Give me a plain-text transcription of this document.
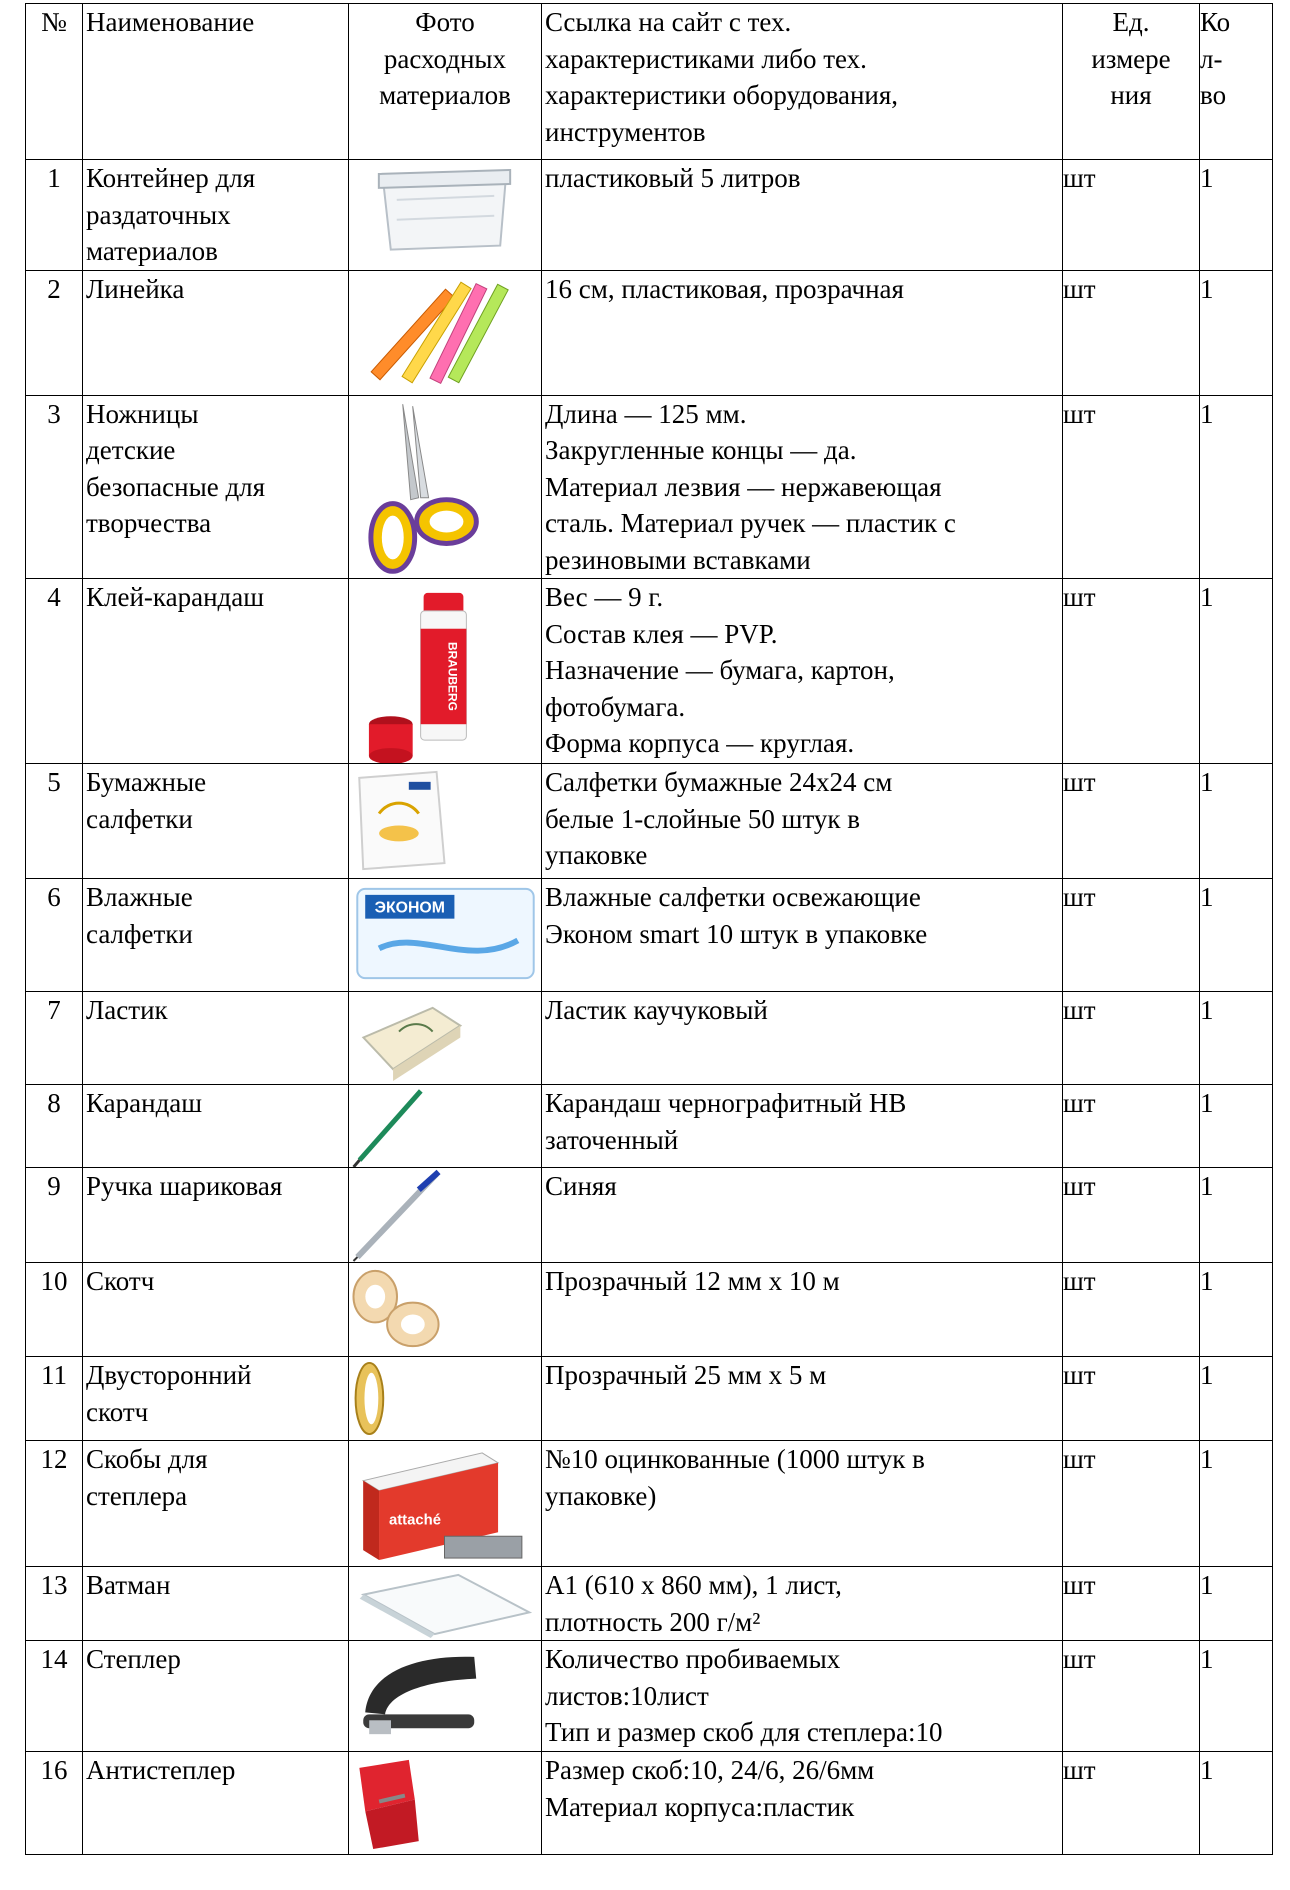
№	Наименование	Фото
расходных
материалов	Ссылка на сайт с тех.
характеристиками либо тех.
характеристики оборудования,
инструментов	Ед.
измере
ния	Ко
л-
во
1	Контейнер для
раздаточных
материалов		пластиковый 5 литров	шт	1
2	Линейка		16 см, пластиковая, прозрачная	шт	1
3	Ножницы
детские
безопасные для
творчества		Длина — 125 мм.
Закругленные концы — да.
Материал лезвия — нержавеющая
сталь. Материал ручек — пластик с
резиновыми вставками	шт	1
4	Клей-карандаш	BRAUBERG	Вес — 9 г.
Состав клея — PVP.
Назначение — бумага, картон,
фотобумага.
Форма корпуса — круглая.	шт	1
5	Бумажные
салфетки		Салфетки бумажные 24х24 см
белые 1-слойные 50 штук в
упаковке	шт	1
6	Влажные
салфетки	ЭКОНОМ	Влажные салфетки освежающие
Эконом smart 10 штук в упаковке	шт	1
7	Ластик		Ластик каучуковый	шт	1
8	Карандаш		Карандаш чернографитный НВ
заточенный	шт	1
9	Ручка шариковая		Синяя	шт	1
10	Скотч		Прозрачный 12 мм х 10 м	шт	1
11	Двусторонний
скотч		Прозрачный 25 мм х 5 м	шт	1
12	Скобы для
степлера	attaché	№10 оцинкованные (1000 штук в
упаковке)	шт	1
13	Ватман		А1 (610 х 860 мм), 1 лист,
плотность 200 г/м²	шт	1
14	Степлер		Количество пробиваемых
листов:10лист
Тип и размер скоб для степлера:10	шт	1
16	Антистеплер		Размер скоб:10, 24/6, 26/6мм
Материал корпуса:пластик	шт	1
